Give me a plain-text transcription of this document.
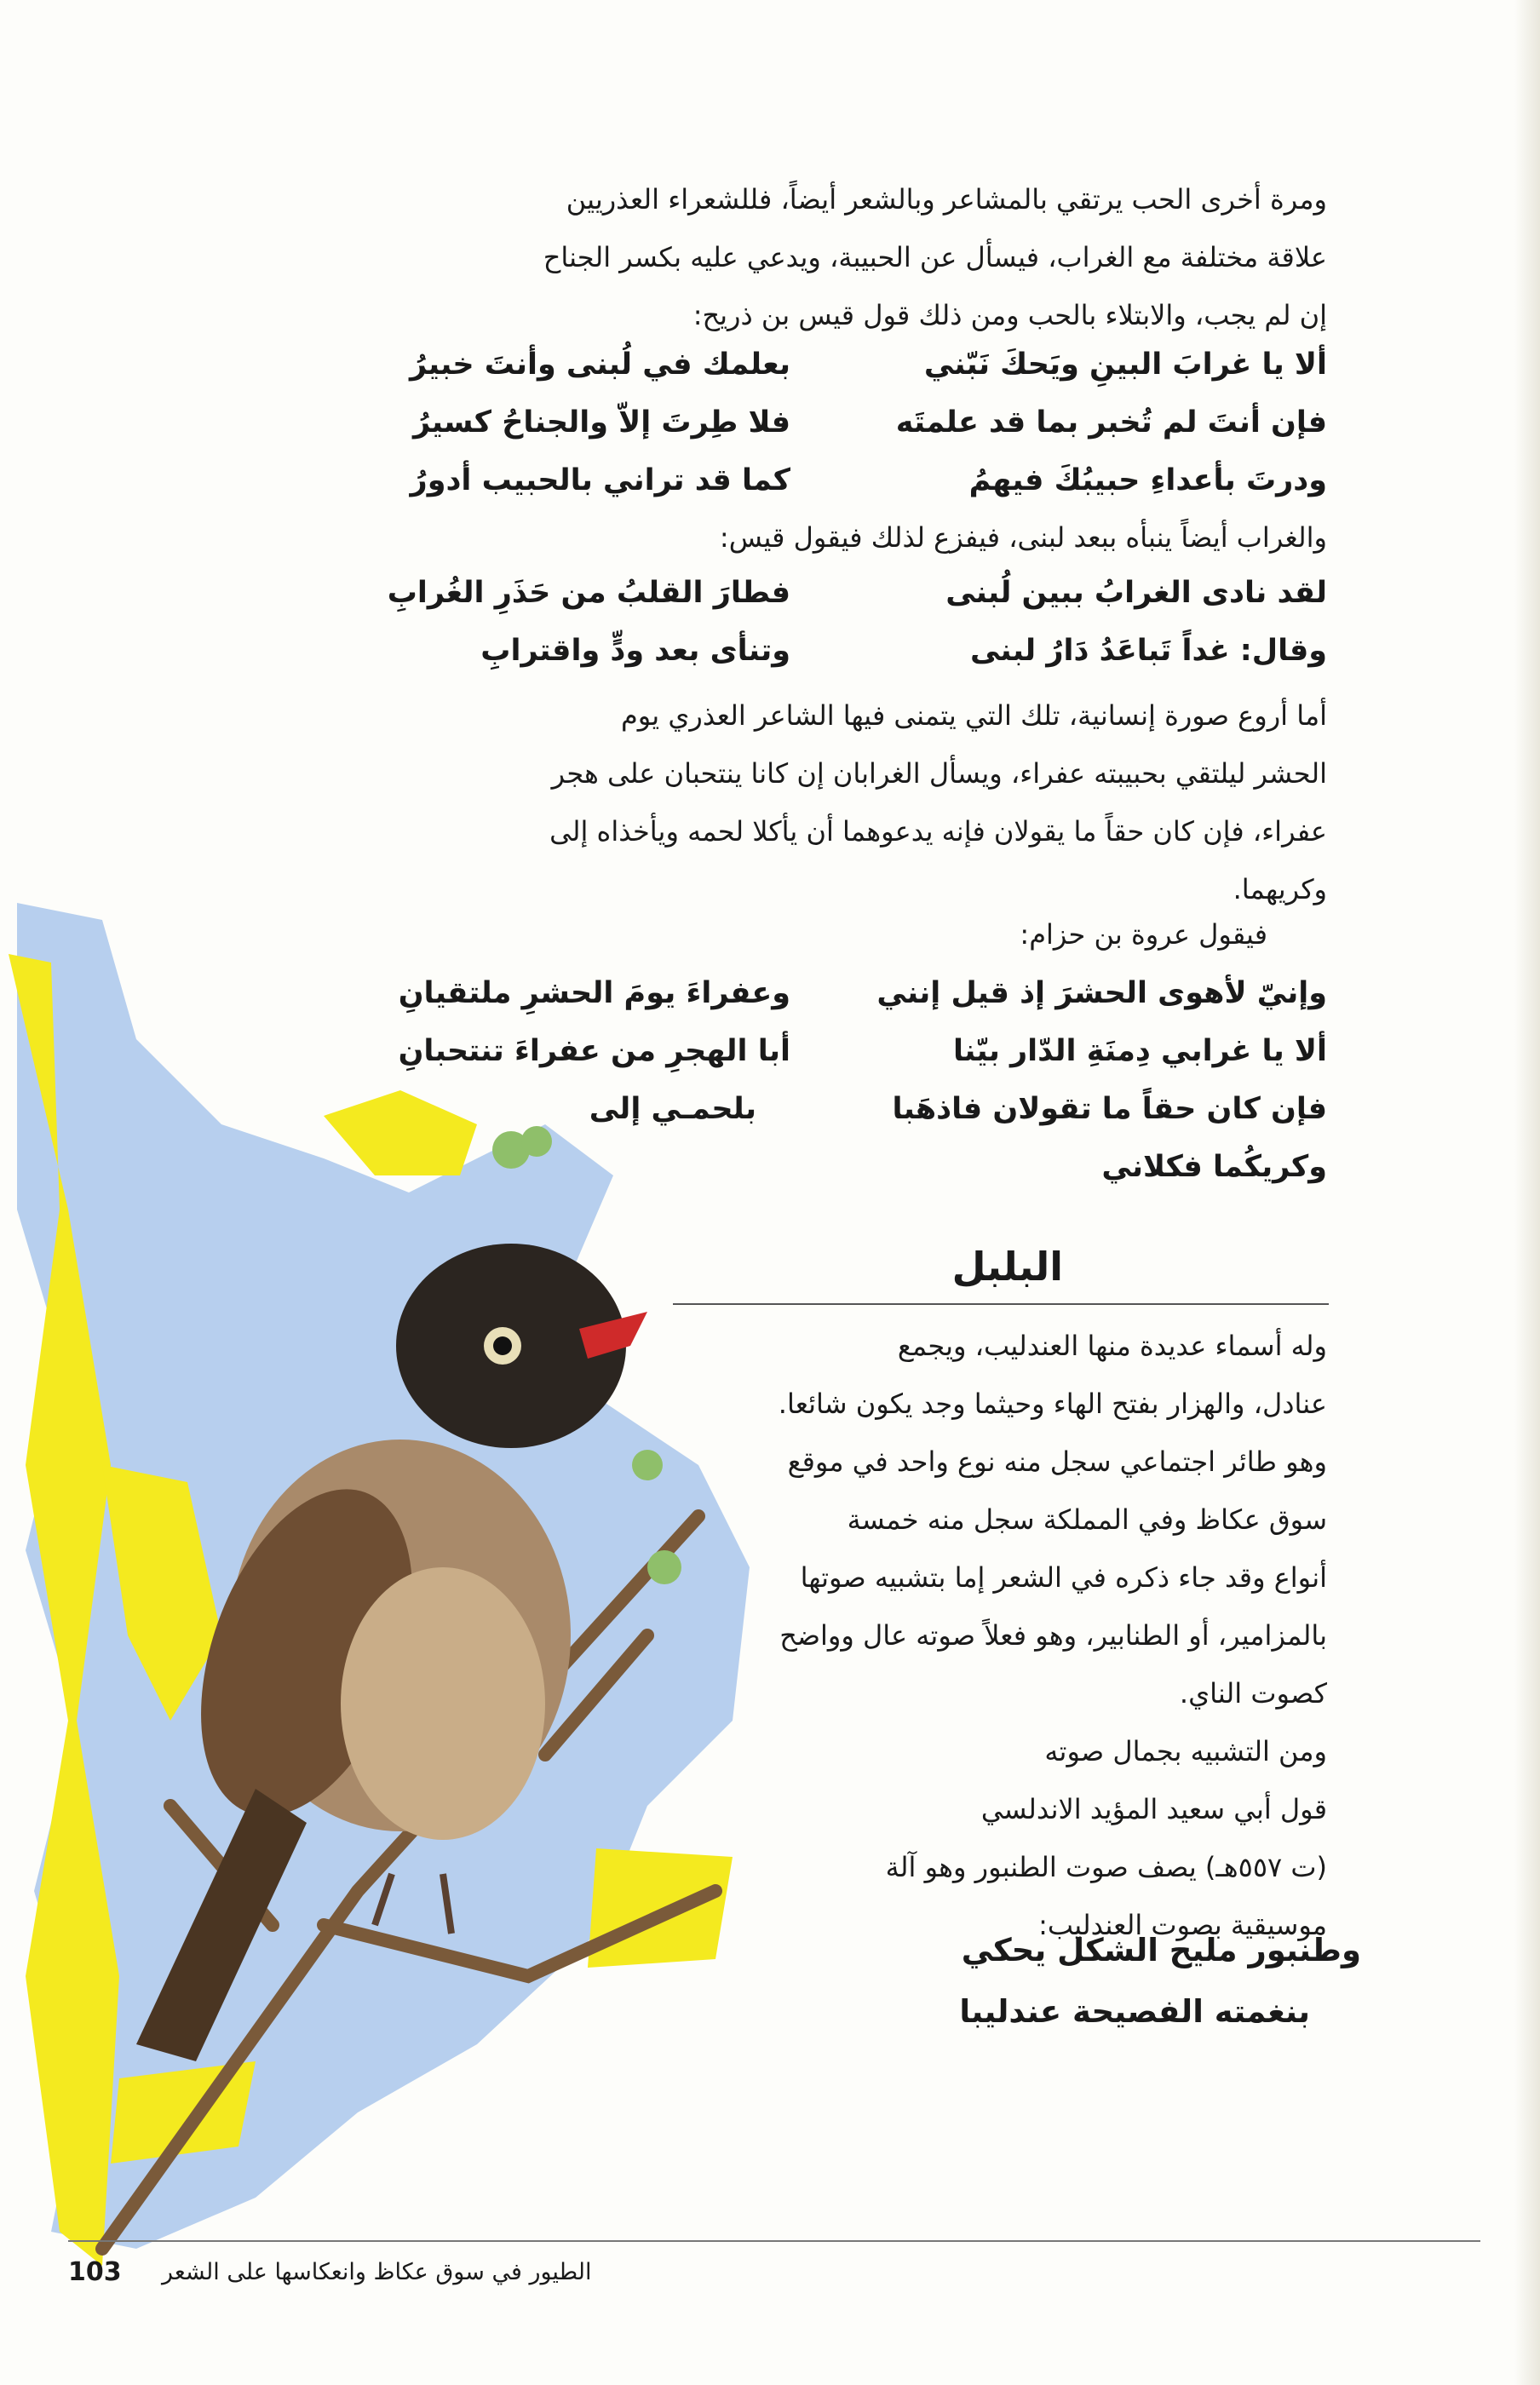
ومرة أخرى الحب يرتقي بالمشاعر وبالشعر أيضاً، فللشعراء العذريين

علاقة مختلفة مع الغراب، فيسأل عن الحبيبة، ويدعي عليه بكسر الجناح

إن لم يجب، والابتلاء بالحب ومن ذلك قول قيس بن ذريح:

ألا يا غرابَ البينِ ويَحكَ نَبّني
بعلمك في لُبنى وأنتَ خبيرُ
فإن أنتَ لم تُخبر بما قد علمتَه
فلا طِرتَ إلاّ والجناحُ كسيرُ
ودرتَ بأعداءِ حبيبُكَ فيهمُ
كما قد تراني بالحبيب أدورُ
والغراب أيضاً ينبأه ببعد لبنى، فيفزع لذلك فيقول قيس:
لقد نادى الغرابُ ببين لُبنى
فطارَ القلبُ من حَذَرِ الغُرابِ
وقال: غداً تَباعَدُ دَارُ لبنى
وتنأى بعد ودٍّ واقترابِ

أما أروع صورة إنسانية، تلك التي يتمنى فيها الشاعر العذري يوم

الحشر ليلتقي بحبيبته عفراء، ويسأل الغرابان إن كانا ينتحبان على هجر

عفراء، فإن كان حقاً ما يقولان فإنه يدعوهما أن يأكلا لحمه ويأخذاه إلى

وكريهما.

فيقول عروة بن حزام:
وإنيّ لأهوى الحشرَ إذ قيل إنني
وعفراءَ يومَ الحشرِ ملتقيانِ
ألا يا غرابي دِمنَةِ الدّار بيّنا
أبا الهجرِ من عفراءَ تنتحبانِ
فإن كان حقاً ما تقولان فاذهَبا
بلحمـي إلى
وكريكُما فكلاني
البلبل

وله أسماء عديدة منها العندليب، ويجمع

عنادل، والهزار بفتح الهاء وحيثما وجد يكون شائعا.

وهو طائر اجتماعي سجل منه نوع واحد في موقع

سوق عكاظ وفي المملكة سجل منه خمسة

أنواع وقد جاء ذكره في الشعر إما بتشبيه صوتها

بالمزامير، أو الطنابير، وهو فعلاً صوته عال وواضح

كصوت الناي.

ومن التشبيه بجمال صوته

قول أبي سعيد المؤيد الاندلسي

(ت ٥٥٧هـ) يصف صوت الطنبور وهو آلة

موسيقية بصوت العندليب:

وطنبور مليح الشكل يحكي
بنغمته الفصيحة عندليبا
الطيور في سوق عكاظ وانعكاسها على الشعر
103
